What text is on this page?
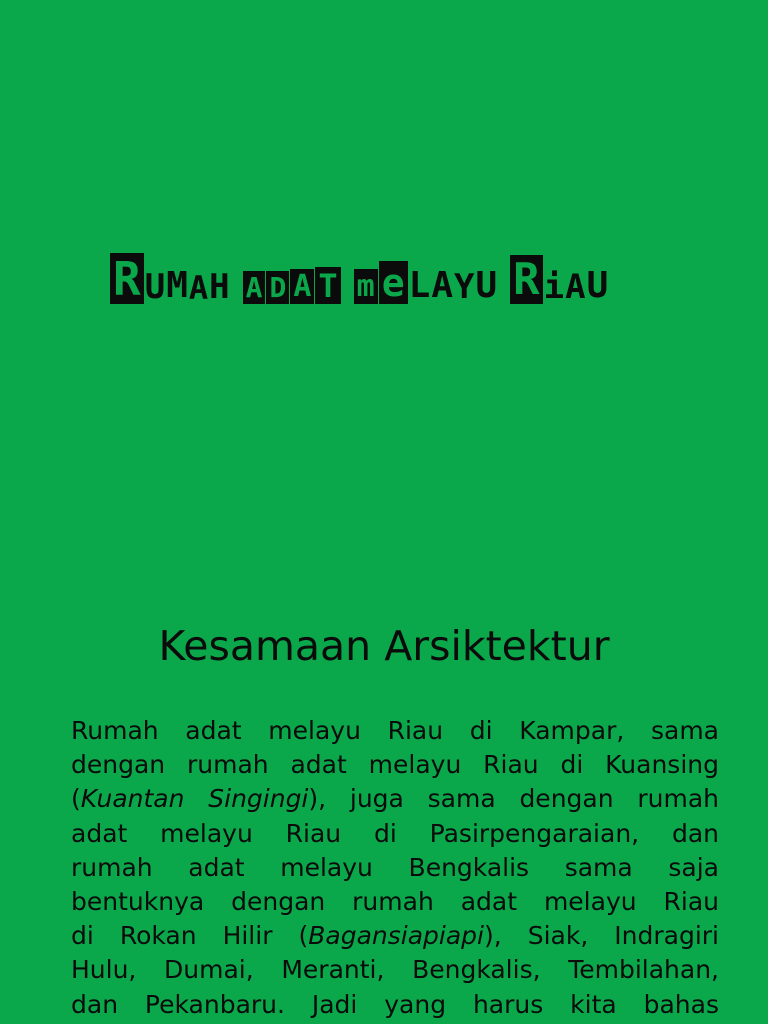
R U M A H A D A T m e L A Y U R i A U
Kesamaan Arsiktektur
Rumah adat melayu Riau di Kampar, sama
dengan rumah adat melayu Riau di Kuansing
(Kuantan Singingi), juga sama dengan rumah
adat melayu Riau di Pasirpengaraian, dan
rumah adat melayu Bengkalis sama saja
bentuknya dengan rumah adat melayu Riau
di Rokan Hilir (Bagansiapiapi), Siak, Indragiri
Hulu, Dumai, Meranti, Bengkalis, Tembilahan,
dan Pekanbaru. Jadi yang harus kita bahas
